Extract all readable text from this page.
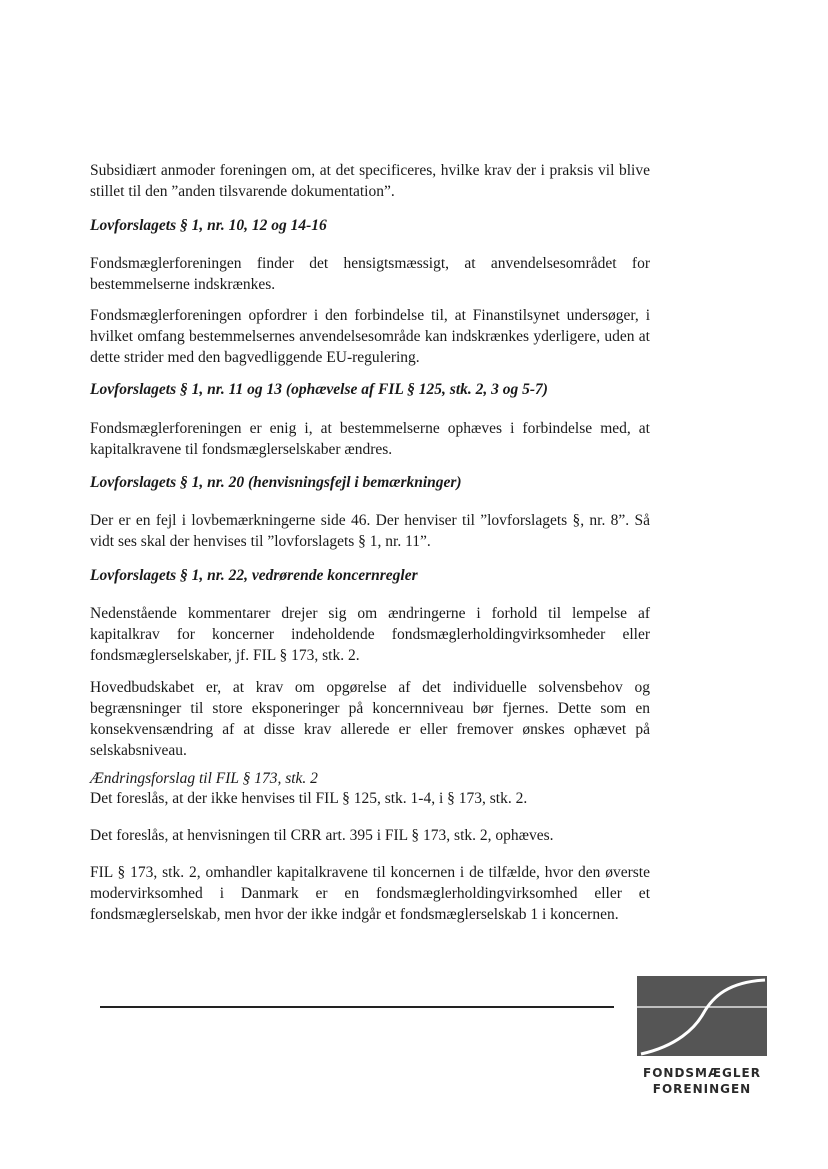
Subsidiært anmoder foreningen om, at det specificeres, hvilke krav der i praksis vil blive stillet til den ”anden tilsvarende dokumentation”.
Lovforslagets § 1, nr. 10, 12 og 14-16
Fondsmæglerforeningen finder det hensigtsmæssigt, at anvendelsesområdet for bestemmelserne indskrænkes.
Fondsmæglerforeningen opfordrer i den forbindelse til, at Finanstilsynet undersøger, i hvilket omfang bestemmelsernes anvendelsesområde kan indskrænkes yderligere, uden at dette strider med den bagvedliggende EU-regulering.
Lovforslagets § 1, nr. 11 og 13 (ophævelse af FIL § 125, stk. 2, 3 og 5-7)
Fondsmæglerforeningen er enig i, at bestemmelserne ophæves i forbindelse med, at kapitalkravene til fondsmæglerselskaber ændres.
Lovforslagets § 1, nr. 20 (henvisningsfejl i bemærkninger)
Der er en fejl i lovbemærkningerne side 46. Der henviser til ”lovforslagets §, nr. 8”. Så vidt ses skal der henvises til ”lovforslagets § 1, nr. 11”.
Lovforslagets § 1, nr. 22, vedrørende koncernregler
Nedenstående kommentarer drejer sig om ændringerne i forhold til lempelse af kapitalkrav for koncerner indeholdende fondsmæglerholdingvirksomheder eller fondsmæglerselskaber, jf. FIL § 173, stk. 2.
Hovedbudskabet er, at krav om opgørelse af det individuelle solvensbehov og begrænsninger til store eksponeringer på koncernniveau bør fjernes. Dette som en konsekvensændring af at disse krav allerede er eller fremover ønskes ophævet på selskabsniveau.
Ændringsforslag til FIL § 173, stk. 2
Det foreslås, at der ikke henvises til FIL § 125, stk. 1-4, i § 173, stk. 2.
Det foreslås, at henvisningen til CRR art. 395 i FIL § 173, stk. 2, ophæves.
FIL § 173, stk. 2, omhandler kapitalkravene til koncernen i de tilfælde, hvor den øverste modervirksomhed i Danmark er en fondsmæglerholdingvirksomhed eller et fondsmæglerselskab, men hvor der ikke indgår et fondsmæglerselskab 1 i koncernen.
FONDSMÆGLER
FORENINGEN
